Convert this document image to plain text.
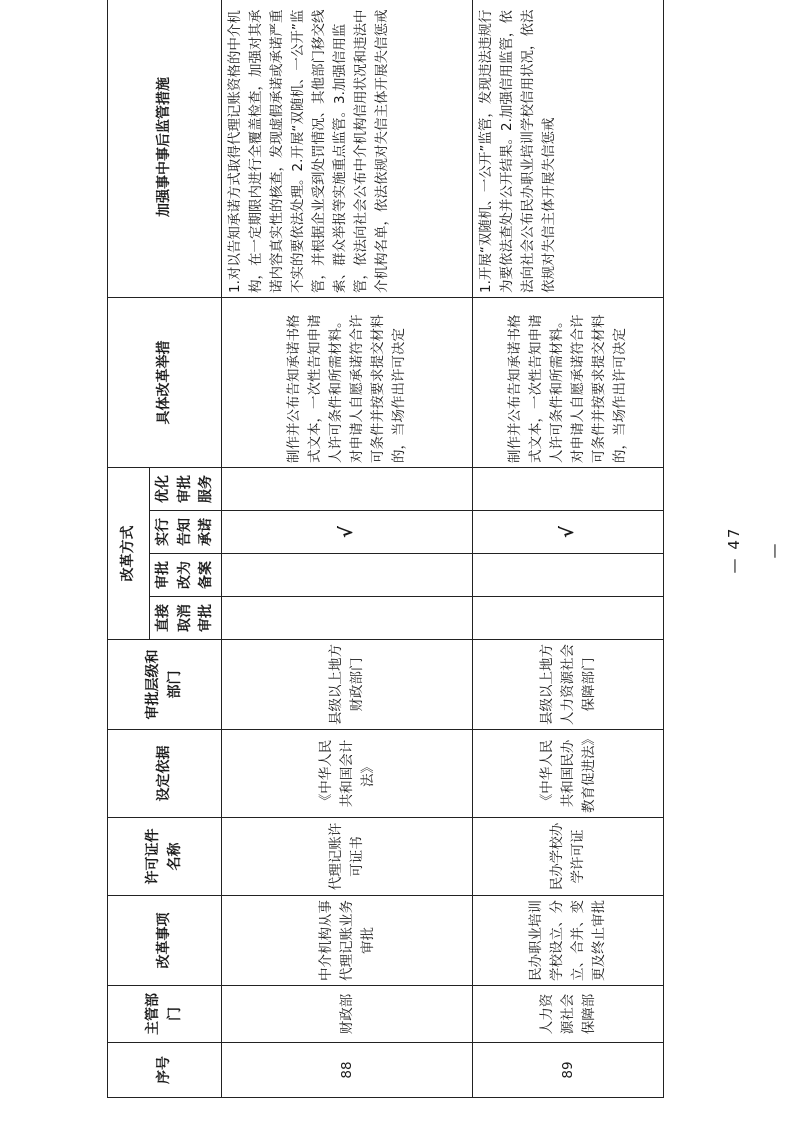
序号	主管部门	改革事项	许可证件名称	设定依据	审批层级和部门	改革方式				具体改革举措	加强事中事后监管措施
						直接取消审批	审批改为备案	实行告知承诺	优化审批服务		
88	财政部	中介机构从事代理记账业务审批	代理记账许可证书	《中华人民共和国会计法》	县级以上地方财政部门			√		制作并公布告知承诺书格式文本，一次性告知申请人许可条件和所需材料。对申请人自愿承诺符合许可条件并按要求提交材料的，当场作出许可决定	1.对以告知承诺方式取得代理记账资格的中介机构，在一定期限内进行全覆盖检查，加强对其承诺内容真实性的核查，发现虚假承诺或承诺严重不实的要依法处理。2.开展“双随机、一公开”监管，并根据企业受到处罚情况、其他部门移交线索、群众举报等实施重点监管。3.加强信用监管，依法向社会公布中介机构信用状况和违法中介机构名单，依法依规对失信主体开展失信惩戒
89	人力资源社会保障部	民办职业培训学校设立、分立、合并、变更及终止审批	民办学校办学许可证	《中华人民共和国民办教育促进法》	县级以上地方人力资源社会保障部门			√		制作并公布告知承诺书格式文本，一次性告知申请人许可条件和所需材料。对申请人自愿承诺符合许可条件并按要求提交材料的，当场作出许可决定	1.开展“双随机、一公开”监管，发现违法违规行为要依法查处并公开结果。2.加强信用监管，依法向社会公布民办职业培训学校信用状况，依法依规对失信主体开展失信惩戒
— 47 —
